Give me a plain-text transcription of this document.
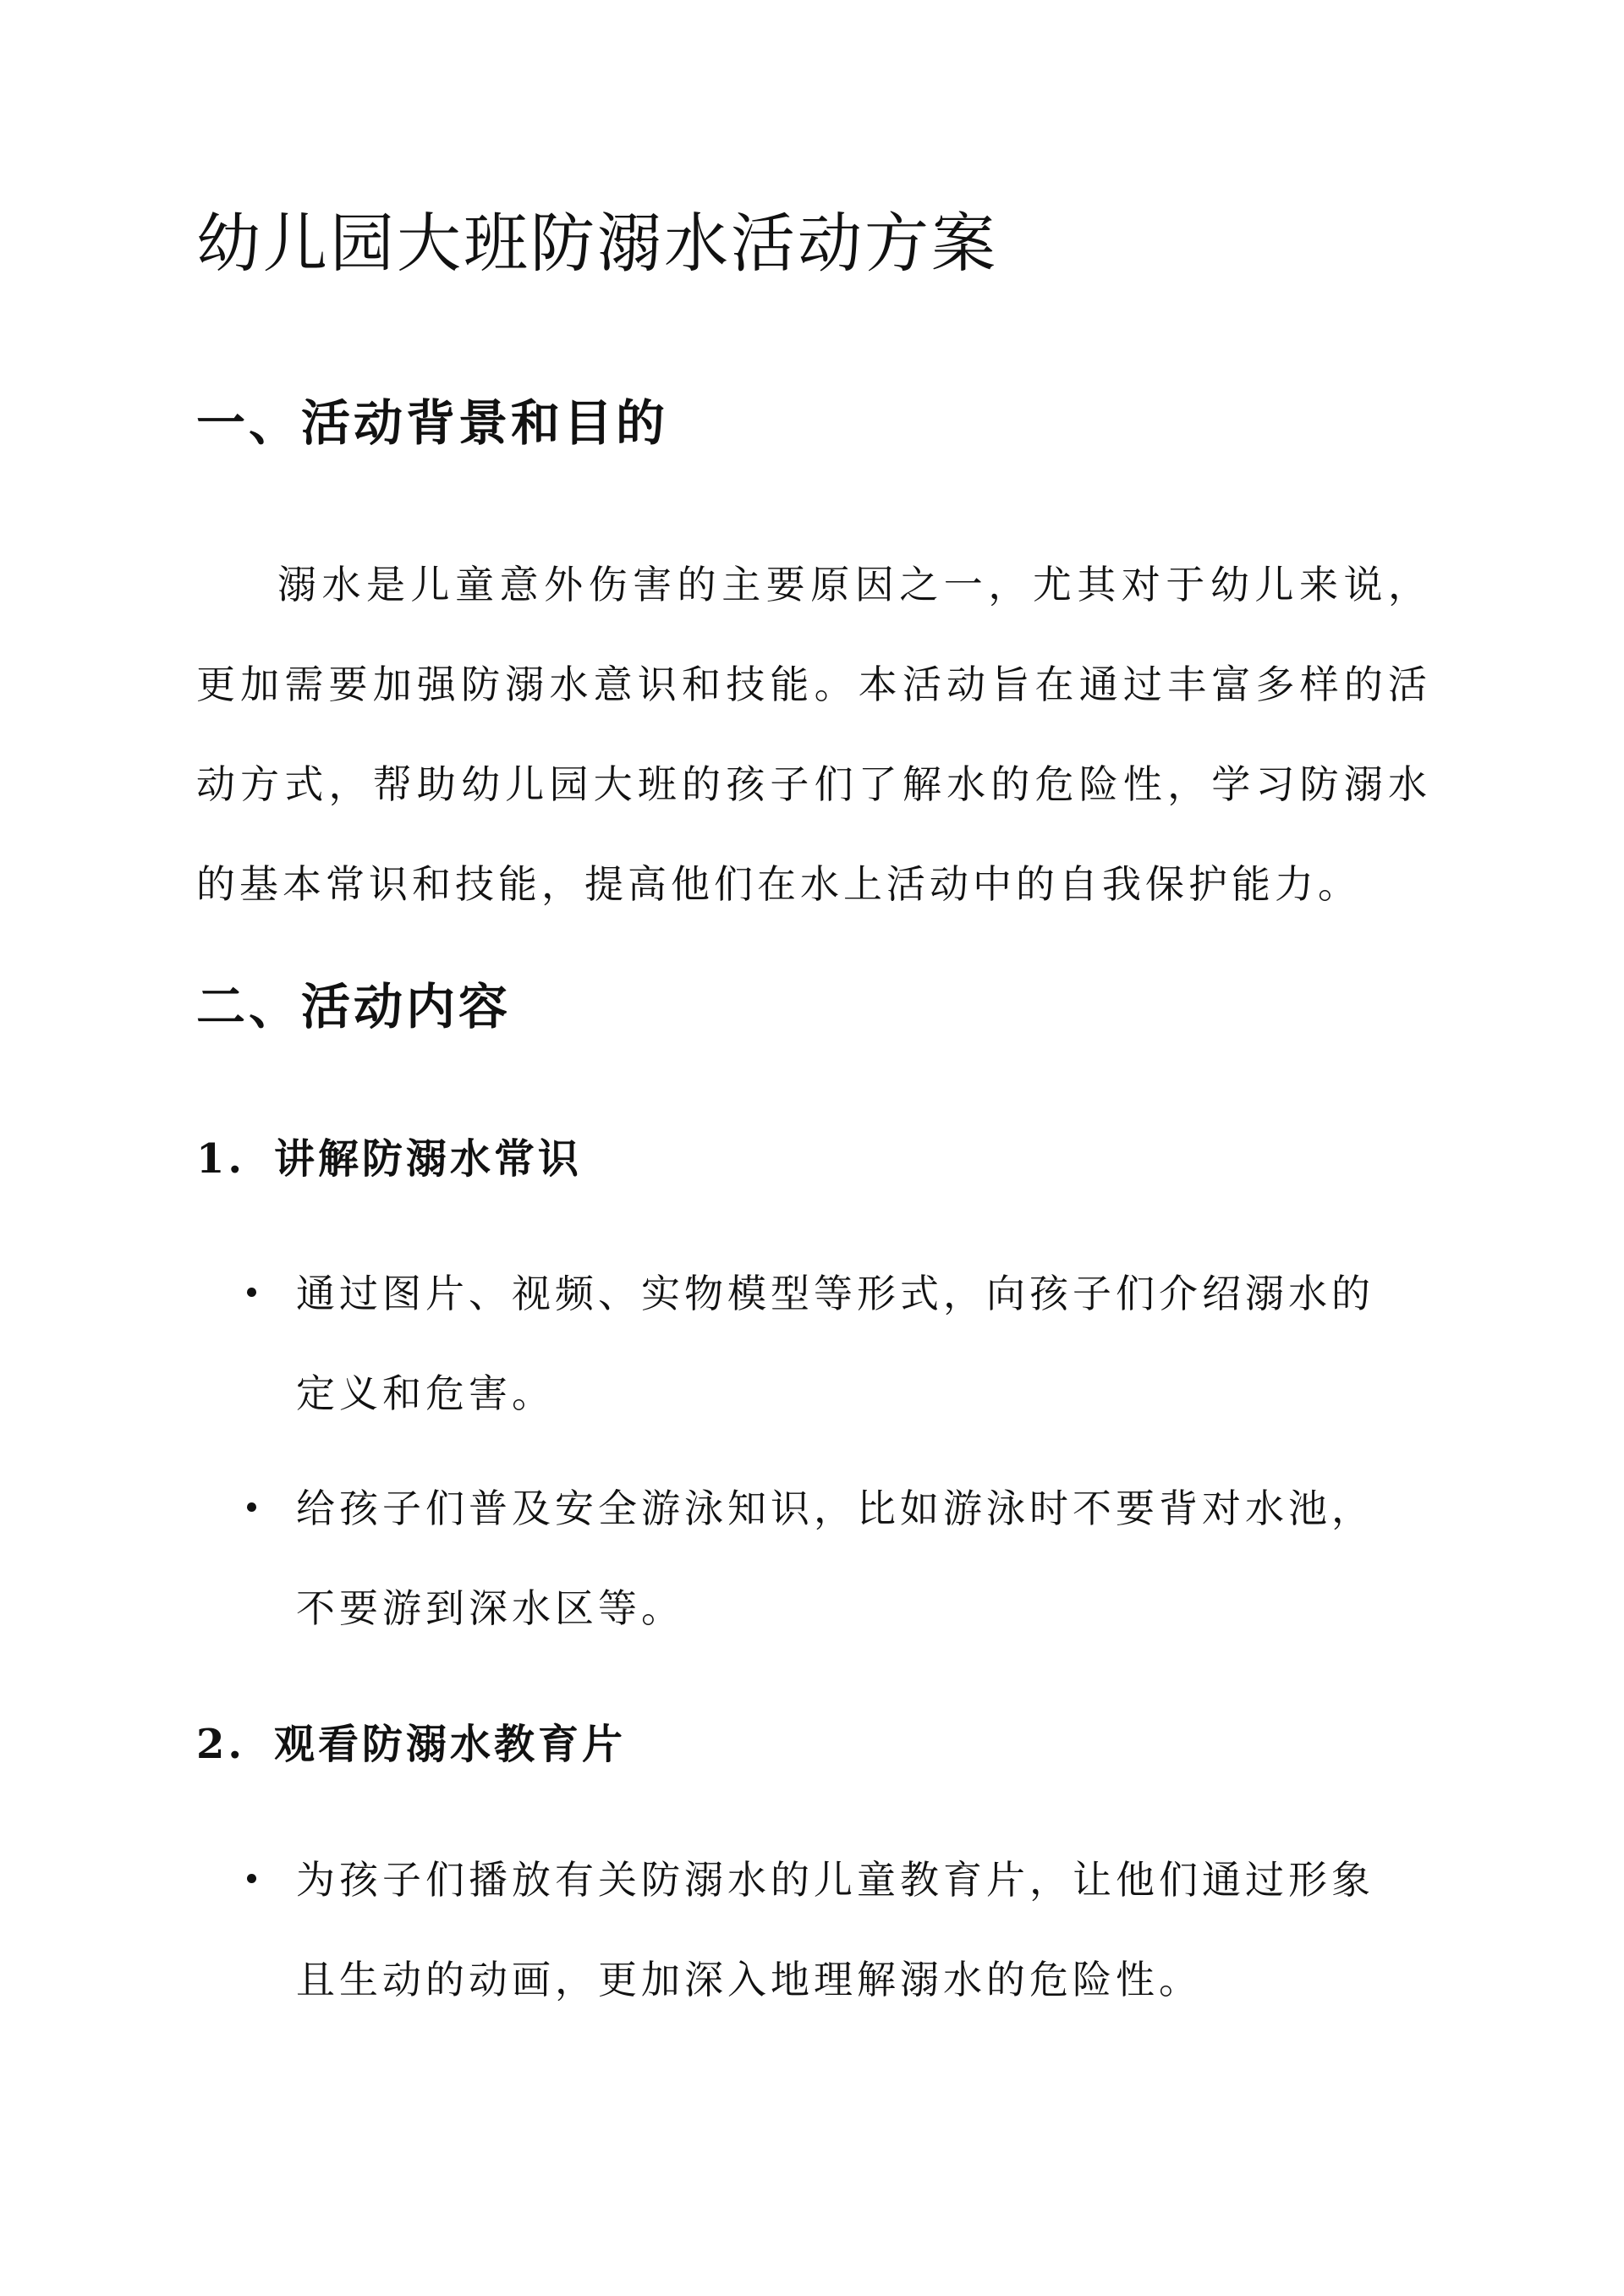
幼儿园大班防溺水活动方案
一、活动背景和目的

溺水是儿童意外伤害的主要原因之一，尤其对于幼儿来说，更加需要加强防溺水意识和技能。本活动旨在通过丰富多样的活动方式，帮助幼儿园大班的孩子们了解水的危险性，学习防溺水的基本常识和技能，提高他们在水上活动中的自我保护能力。

二、活动内容
1. 讲解防溺水常识
通过图片、视频、实物模型等形式，向孩子们介绍溺水的定义和危害。
给孩子们普及安全游泳知识，比如游泳时不要背对水池，不要游到深水区等。
2. 观看防溺水教育片
为孩子们播放有关防溺水的儿童教育片，让他们通过形象且生动的动画，更加深入地理解溺水的危险性。
